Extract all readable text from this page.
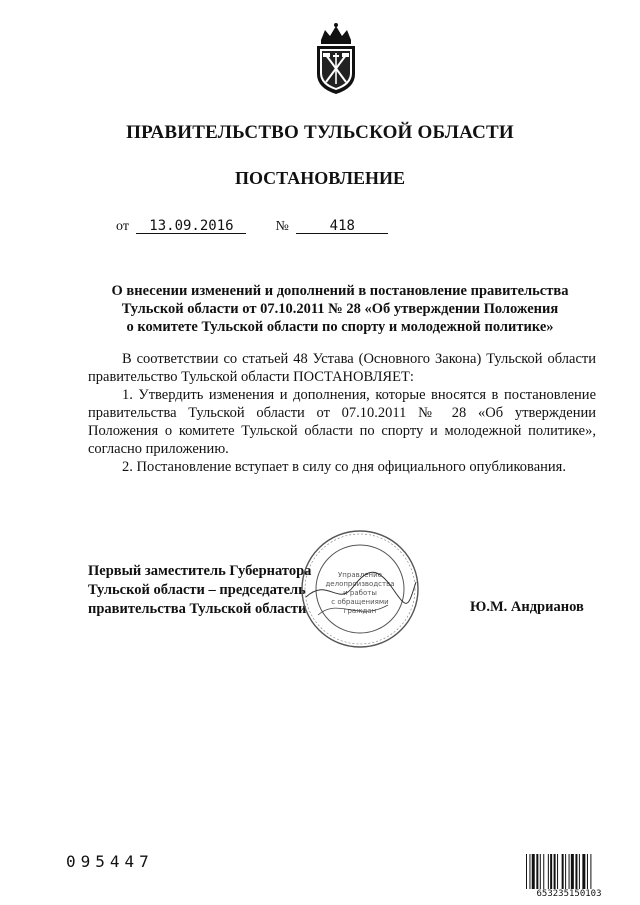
ПРАВИТЕЛЬСТВО ТУЛЬСКОЙ ОБЛАСТИ
ПОСТАНОВЛЕНИЕ
от 13.09.2016	№	418
О внесении изменений и дополнений в постановление правительства
Тульской области от 07.10.2011 № 28 «Об утверждении Положения
о комитете Тульской области по спорту и молодежной политике»

В соответствии со статьей 48 Устава (Основного Закона) Тульской области правительство Тульской области ПОСТАНОВЛЯЕТ:

1. Утвердить изменения и дополнения, которые вносятся в постановление правительства Тульской области от 07.10.2011 № 28 «Об утверждении Положения о комитете Тульской области по спорту и молодежной политике», согласно приложению.

2. Постановление вступает в силу со дня официального опубликования.

Первый заместитель Губернатора
Тульской области – председатель
правительства Тульской области
Управление
делопроизводства
и работы
с обращениями
граждан	Ю.М. Андрианов
095447
653235150103
